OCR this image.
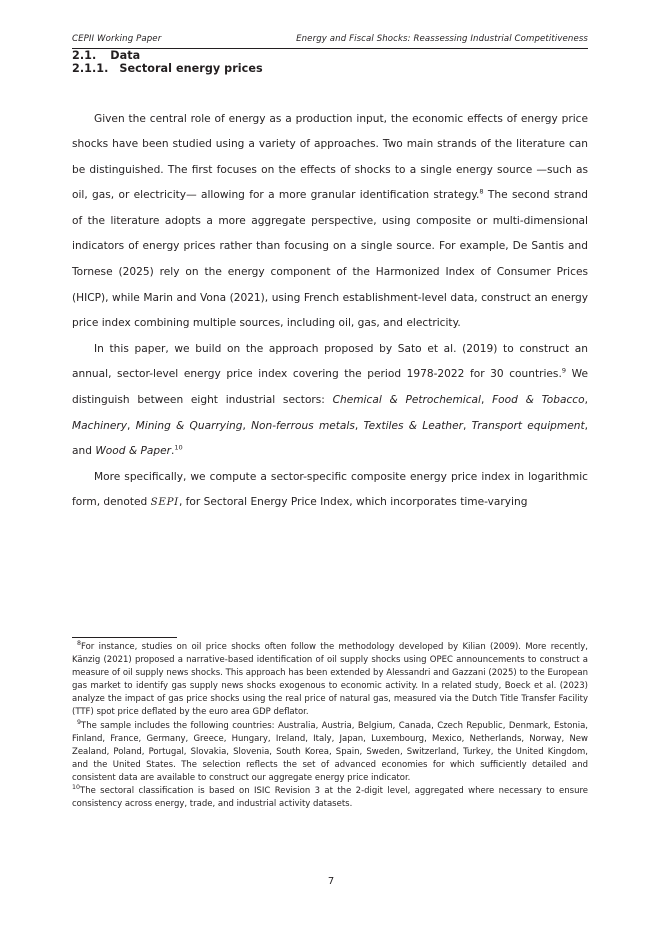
CEPII Working Paper	Energy and Fiscal Shocks: Reassessing Industrial Competitiveness
2.1. Data
2.1.1. Sectoral energy prices

Given the central role of energy as a production input, the economic effects of energy price shocks have been studied using a variety of approaches. Two main strands of the literature can be distinguished. The first focuses on the effects of shocks to a single energy source —such as oil, gas, or electricity— allowing for a more granular identification strategy.$^8$ The second strand of the literature adopts a more aggregate perspective, using composite or multi-dimensional indicators of energy prices rather than focusing on a single source. For example, De Santis and Tornese (2025) rely on the energy component of the Harmonized Index of Consumer Prices (HICP), while Marin and Vona (2021), using French establishment-level data, construct an energy price index combining multiple sources, including oil, gas, and electricity.

In this paper, we build on the approach proposed by Sato et al. (2019) to construct an annual, sector-level energy price index covering the period 1978-2022 for 30 countries.$^9$ We distinguish between eight industrial sectors: Chemical & Petrochemical, Food & Tobacco, Machinery, Mining & Quarrying, Non-ferrous metals, Textiles & Leather, Transport equipment, and Wood & Paper.$^{10}$

More specifically, we compute a sector-specific composite energy price index in logarithmic form, denoted SEPI, for Sectoral Energy Price Index, which incorporates time-varying

$^8$For instance, studies on oil price shocks often follow the methodology developed by Kilian (2009). More recently, Känzig (2021) proposed a narrative-based identification of oil supply shocks using OPEC announcements to construct a measure of oil supply news shocks. This approach has been extended by Alessandri and Gazzani (2025) to the European gas market to identify gas supply news shocks exogenous to economic activity. In a related study, Boeck et al. (2023) analyze the impact of gas price shocks using the real price of natural gas, measured via the Dutch Title Transfer Facility (TTF) spot price deflated by the euro area GDP deflator.

$^9$The sample includes the following countries: Australia, Austria, Belgium, Canada, Czech Republic, Denmark, Estonia, Finland, France, Germany, Greece, Hungary, Ireland, Italy, Japan, Luxembourg, Mexico, Netherlands, Norway, New Zealand, Poland, Portugal, Slovakia, Slovenia, South Korea, Spain, Sweden, Switzerland, Turkey, the United Kingdom, and the United States. The selection reflects the set of advanced economies for which sufficiently detailed and consistent data are available to construct our aggregate energy price indicator.

$^{10}$The sectoral classification is based on ISIC Revision 3 at the 2-digit level, aggregated where necessary to ensure consistency across energy, trade, and industrial activity datasets.

7
